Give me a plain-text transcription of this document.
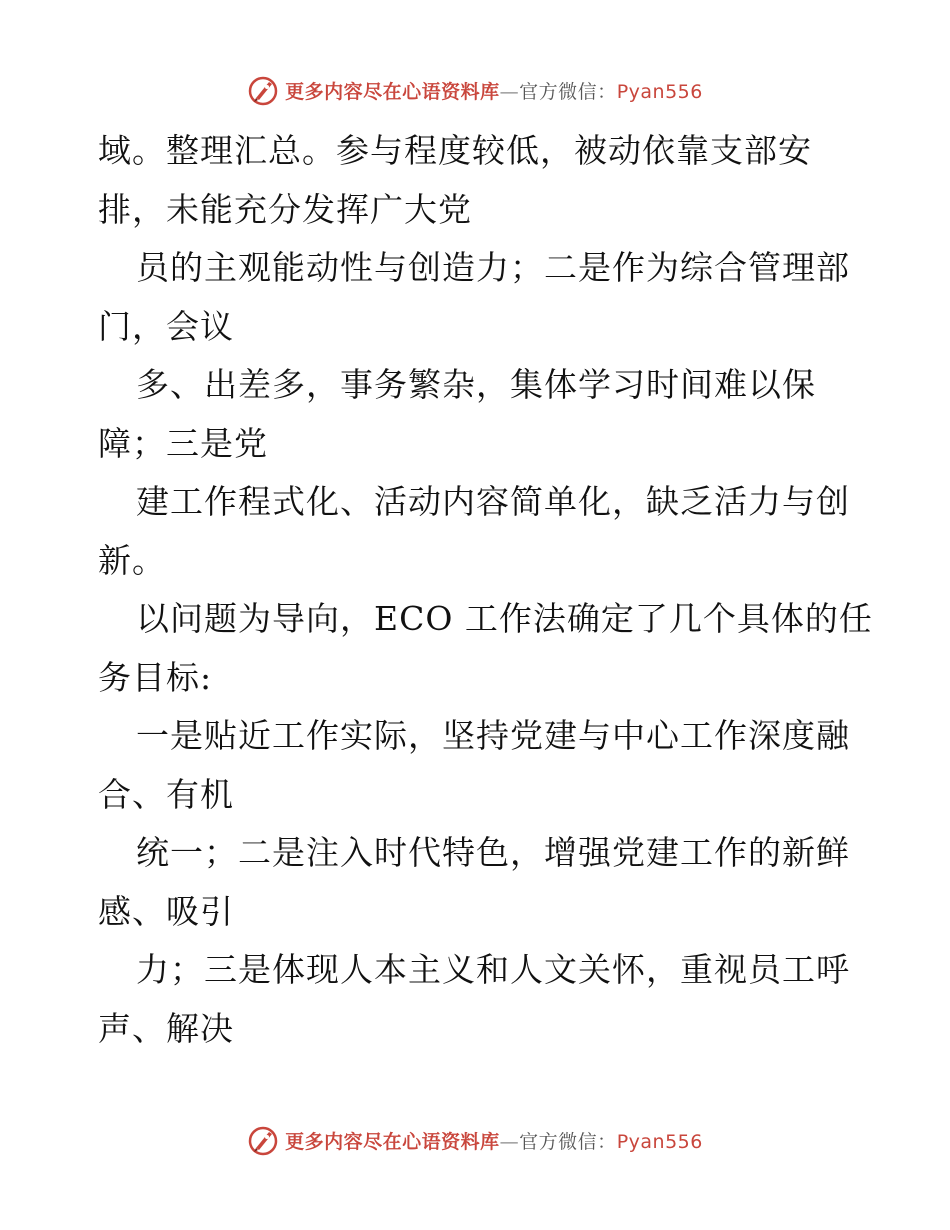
更多内容尽在心语资料库—官方微信：Pyan556
域。整理汇总。参与程度较低，被动依靠支部安
排，未能充分发挥广大党
员的主观能动性与创造力；二是作为综合管理部
门，会议
多、出差多，事务繁杂，集体学习时间难以保
障；三是党
建工作程式化、活动内容简单化，缺乏活力与创
新。
以问题为导向，ECO 工作法确定了几个具体的任
务目标:
一是贴近工作实际，坚持党建与中心工作深度融
合、有机
统一；二是注入时代特色，增强党建工作的新鲜
感、吸引
力；三是体现人本主义和人文关怀，重视员工呼
声、解决
更多内容尽在心语资料库—官方微信：Pyan556
